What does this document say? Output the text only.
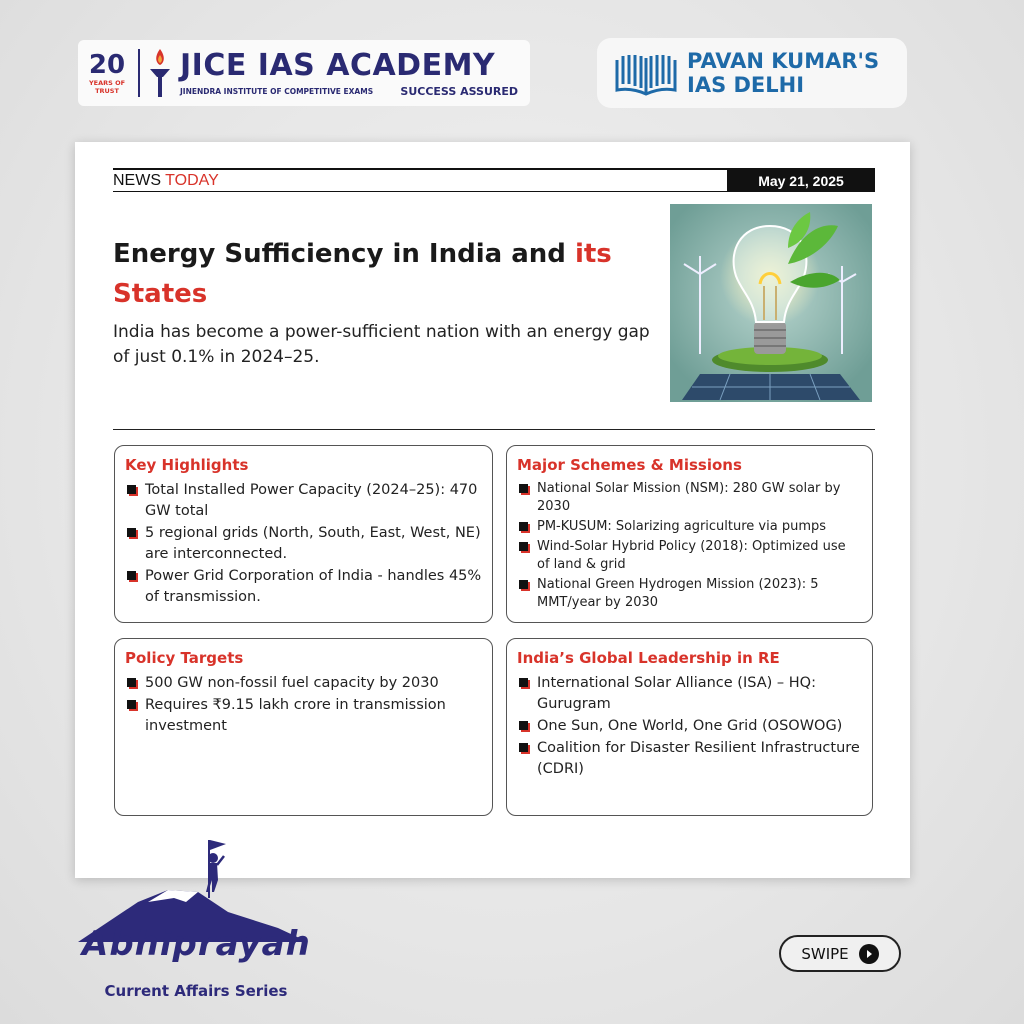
20
YEARS OF TRUST
JICE IAS ACADEMY
JINENDRA INSTITUTE OF COMPETITIVE EXAMS SUCCESS ASSURED
PAVAN KUMAR'S
IAS DELHI
NEWS TODAY	May 21, 2025
Energy Sufficiency in India and its States
India has become a power-sufficient nation with an energy gap of just 0.1% in 2024–25.
Key Highlights
Total Installed Power Capacity (2024–25): 470 GW total
5 regional grids (North, South, East, West, NE) are interconnected.
Power Grid Corporation of India - handles 45% of transmission.
Major Schemes & Missions
National Solar Mission (NSM): 280 GW solar by 2030
PM-KUSUM: Solarizing agriculture via pumps
Wind-Solar Hybrid Policy (2018): Optimized use of land & grid
National Green Hydrogen Mission (2023): 5 MMT/year by 2030
Policy Targets
500 GW non-fossil fuel capacity by 2030
Requires ₹9.15 lakh crore in transmission investment
India’s Global Leadership in RE
International Solar Alliance (ISA) – HQ: Gurugram
One Sun, One World, One Grid (OSOWOG)
Coalition for Disaster Resilient Infrastructure (CDRI)
Abhiprayah
Current Affairs Series
SWIPE
